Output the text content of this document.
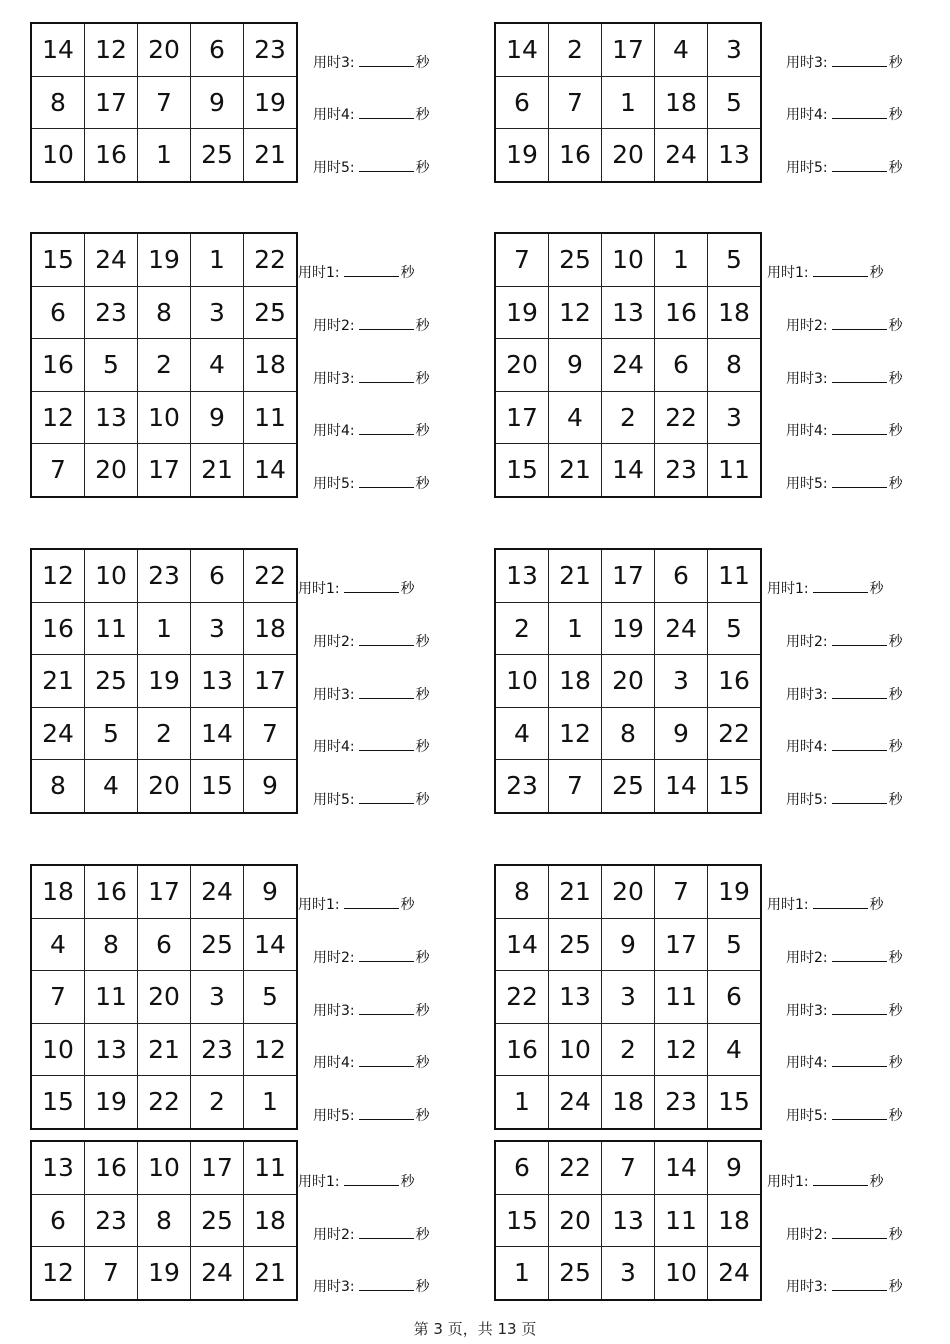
14	12	20	6	23
8	17	7	9	19
10	16	1	25	21
用时3:	秒
用时4:	秒
用时5:	秒
14	2	17	4	3
6	7	1	18	5
19	16	20	24	13
用时3:	秒
用时4:	秒
用时5:	秒
15	24	19	1	22
6	23	8	3	25
16	5	2	4	18
12	13	10	9	11
7	20	17	21	14
用时1:	秒
用时2:	秒
用时3:	秒
用时4:	秒
用时5:	秒
7	25	10	1	5
19	12	13	16	18
20	9	24	6	8
17	4	2	22	3
15	21	14	23	11
用时1:	秒
用时2:	秒
用时3:	秒
用时4:	秒
用时5:	秒
12	10	23	6	22
16	11	1	3	18
21	25	19	13	17
24	5	2	14	7
8	4	20	15	9
用时1:	秒
用时2:	秒
用时3:	秒
用时4:	秒
用时5:	秒
13	21	17	6	11
2	1	19	24	5
10	18	20	3	16
4	12	8	9	22
23	7	25	14	15
用时1:	秒
用时2:	秒
用时3:	秒
用时4:	秒
用时5:	秒
18	16	17	24	9
4	8	6	25	14
7	11	20	3	5
10	13	21	23	12
15	19	22	2	1
用时1:	秒
用时2:	秒
用时3:	秒
用时4:	秒
用时5:	秒
8	21	20	7	19
14	25	9	17	5
22	13	3	11	6
16	10	2	12	4
1	24	18	23	15
用时1:	秒
用时2:	秒
用时3:	秒
用时4:	秒
用时5:	秒
13	16	10	17	11
6	23	8	25	18
12	7	19	24	21
用时1:	秒
用时2:	秒
用时3:	秒
6	22	7	14	9
15	20	13	11	18
1	25	3	10	24
用时1:	秒
用时2:	秒
用时3:	秒
第 3 页，共 13 页
